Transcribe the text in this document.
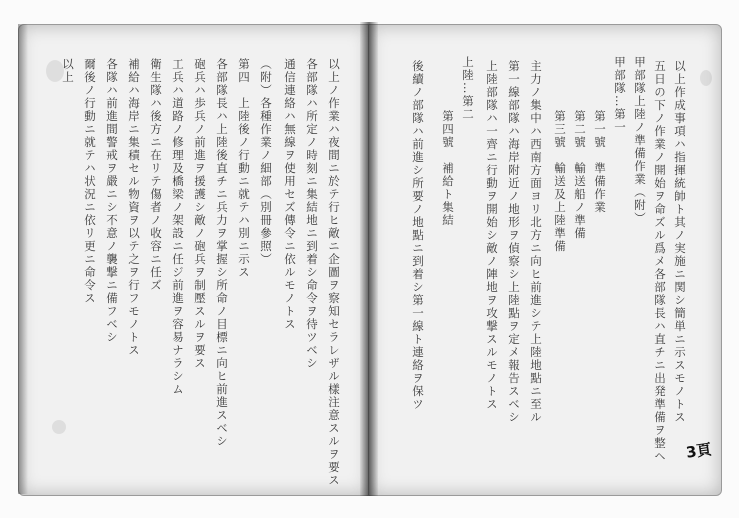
以上作成事項ハ指揮統帥ト其ノ実施ニ関シ簡単ニ示スモノトス
五日の下ノ作業ノ開始ヲ命ズル爲メ各部隊長ハ直チニ出発準備ヲ整ヘ
甲部隊上陸ノ準備作業（附）
甲部隊…第一
第一號　準備作業
第二號　輸送船ノ準備
第三號　輸送及上陸準備
主力ノ集中ハ西南方面ヨリ北方ニ向ヒ前進シテ上陸地點ニ至ル
第一線部隊ハ海岸附近ノ地形ヲ偵察シ上陸點ヲ定メ報告スベシ
上陸部隊ハ一齊ニ行動ヲ開始シ敵ノ陣地ヲ攻撃スルモノトス
上陸…第二
第四號　補給ト集結
後續ノ部隊ハ前進シ所要ノ地點ニ到着シ第一線ト連絡ヲ保ツ
以上ノ作業ハ夜間ニ於テ行ヒ敵ニ企圖ヲ察知セラレザル樣注意スルヲ要ス
各部隊ハ所定ノ時刻ニ集結地ニ到着シ命令ヲ待ツベシ
通信連絡ハ無線ヲ使用セズ傳令ニ依ルモノトス
（附）各種作業ノ細部（別冊參照）
第四　上陸後ノ行動ニ就テハ別ニ示ス
各部隊長ハ上陸後直チニ兵力ヲ掌握シ所命ノ目標ニ向ヒ前進スベシ
砲兵ハ歩兵ノ前進ヲ援護シ敵ノ砲兵ヲ制壓スルヲ要ス
工兵ハ道路ノ修理及橋梁ノ架設ニ任ジ前進ヲ容易ナラシム
衛生隊ハ後方ニ在リテ傷者ノ收容ニ任ズ
補給ハ海岸ニ集積セル物資ヲ以テ之ヲ行フモノトス
各隊ハ前進間警戒ヲ嚴ニシ不意ノ襲撃ニ備フベシ
爾後ノ行動ニ就テハ状況ニ依リ更ニ命令ス
以上
3頁
